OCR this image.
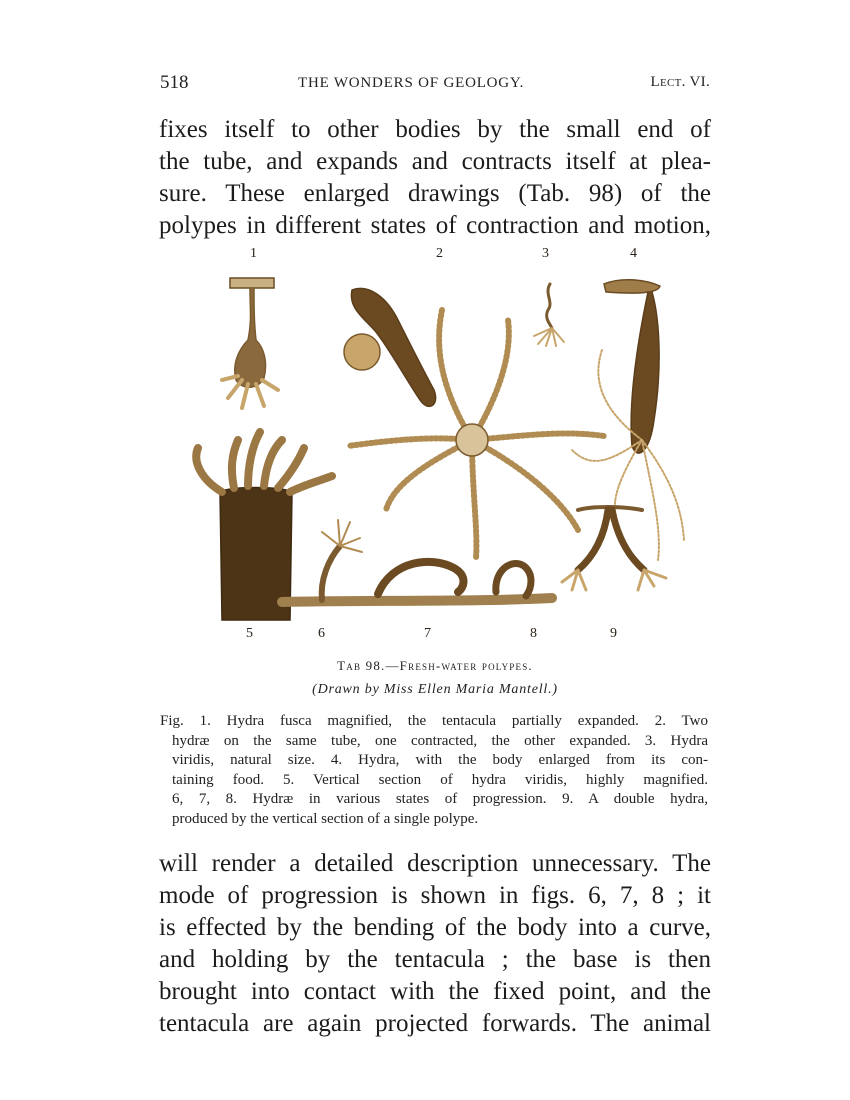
518	THE WONDERS OF GEOLOGY.	Lect. VI.
fixes itself to other bodies by the small end of
the tube, and expands and contracts itself at plea-
sure. These enlarged drawings (Tab. 98) of the
polypes in different states of contraction and motion,
1	2	3	4
5	6	7	8	9
Tab 98.—Fresh-water polypes.
(Drawn by Miss Ellen Maria Mantell.)
Fig. 1. Hydra fusca magnified, the tentacula partially expanded. 2. Two
hydræ on the same tube, one contracted, the other expanded. 3. Hydra
viridis, natural size. 4. Hydra, with the body enlarged from its con-
taining food. 5. Vertical section of hydra viridis, highly magnified.
6, 7, 8. Hydræ in various states of progression. 9. A double hydra,
produced by the vertical section of a single polype.
will render a detailed description unnecessary. The
mode of progression is shown in figs. 6, 7, 8 ; it
is effected by the bending of the body into a curve,
and holding by the tentacula ; the base is then
brought into contact with the fixed point, and the
tentacula are again projected forwards. The animal
